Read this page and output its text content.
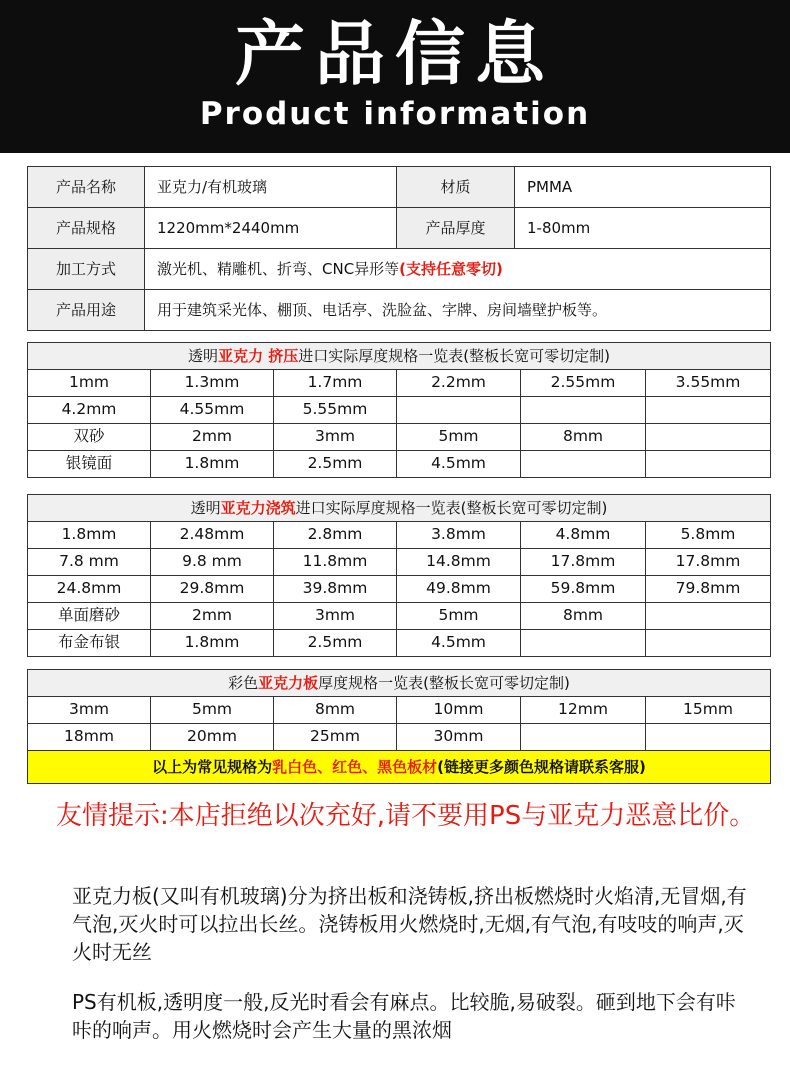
产品信息
Product information
产品名称	亚克力/有机玻璃	材质	PMMA
产品规格	1220mm*2440mm	产品厚度	1-80mm
加工方式	激光机、精雕机、折弯、CNC异形等(支持任意零切)		
产品用途	用于建筑采光体、棚顶、电话亭、洗脸盆、字牌、房间墙壁护板等。		
透明亚克力 挤压进口实际厚度规格一览表(整板长宽可零切定制)					
1mm	1.3mm	1.7mm	2.2mm	2.55mm	3.55mm
4.2mm	4.55mm	5.55mm			
双砂	2mm	3mm	5mm	8mm	
银镜面	1.8mm	2.5mm	4.5mm		
透明亚克力浇筑进口实际厚度规格一览表(整板长宽可零切定制)					
1.8mm	2.48mm	2.8mm	3.8mm	4.8mm	5.8mm
7.8 mm	9.8 mm	11.8mm	14.8mm	17.8mm	17.8mm
24.8mm	29.8mm	39.8mm	49.8mm	59.8mm	79.8mm
单面磨砂	2mm	3mm	5mm	8mm	
布金布银	1.8mm	2.5mm	4.5mm		
彩色亚克力板厚度规格一览表(整板长宽可零切定制)					
3mm	5mm	8mm	10mm	12mm	15mm
18mm	20mm	25mm	30mm		
以上为常见规格为乳白色、红色、黑色板材(链接更多颜色规格请联系客服)					
友情提示:本店拒绝以次充好,请不要用PS与亚克力恶意比价。
亚克力板(又叫有机玻璃)分为挤出板和浇铸板,挤出板燃烧时火焰清,无冒烟,有气泡,灭火时可以拉出长丝。浇铸板用火燃烧时,无烟,有气泡,有吱吱的响声,灭火时无丝
PS有机板,透明度一般,反光时看会有麻点。比较脆,易破裂。砸到地下会有咔咔的响声。用火燃烧时会产生大量的黑浓烟
